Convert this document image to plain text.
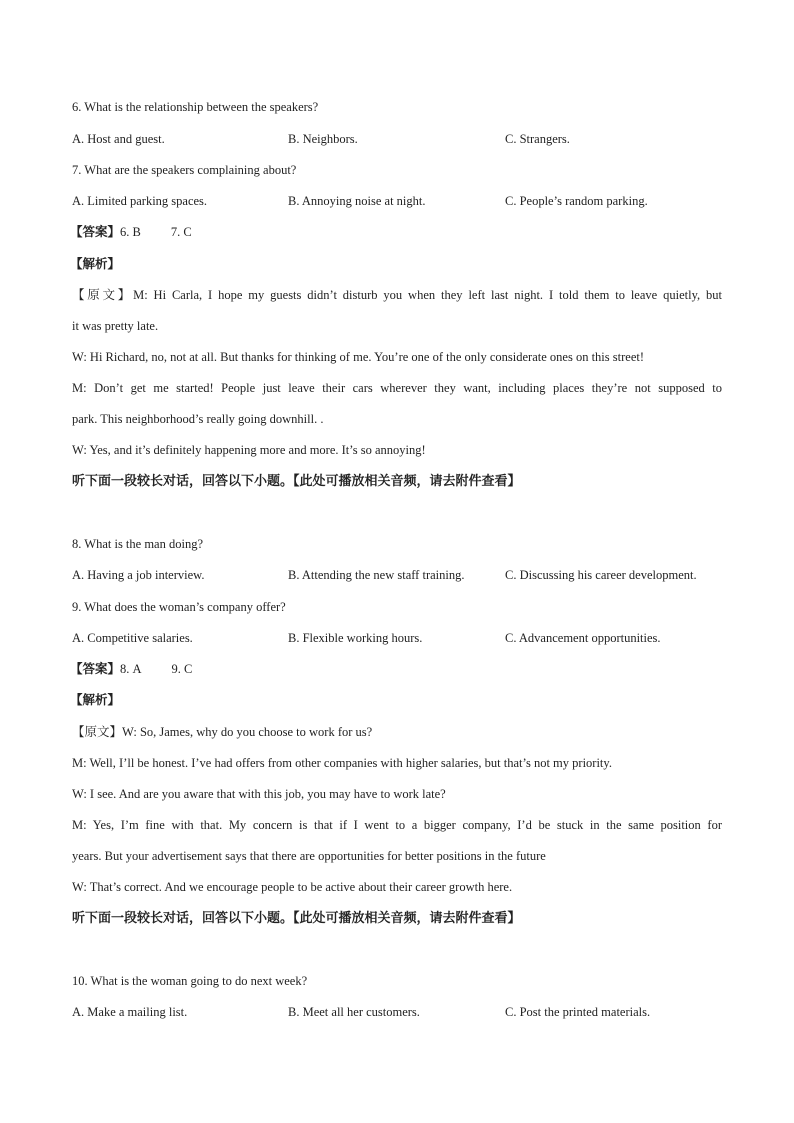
6. What is the relationship between the speakers?
A. Host and guest.	B. Neighbors.	C. Strangers.
7. What are the speakers complaining about?
A. Limited parking spaces.	B. Annoying noise at night.	C. People’s random parking.
【答案】6. B 7. C
【解析】
【原文】M: Hi Carla, I hope my guests didn’t disturb you when they left last night. I told them to leave quietly, but
it was pretty late.
W: Hi Richard, no, not at all. But thanks for thinking of me. You’re one of the only considerate ones on this street!
M: Don’t get me started! People just leave their cars wherever they want, including places they’re not supposed to
park. This neighborhood’s really going downhill. .
W: Yes, and it’s definitely happening more and more. It’s so annoying!
听下面一段较长对话，回答以下小题。【此处可播放相关音频，请去附件查看】
8. What is the man doing?
A. Having a job interview.	B. Attending the new staff training.	C. Discussing his career development.
9. What does the woman’s company offer?
A. Competitive salaries.	B. Flexible working hours.	C. Advancement opportunities.
【答案】8. A 9. C
【解析】
【原文】W: So, James, why do you choose to work for us?
M: Well, I’ll be honest. I’ve had offers from other companies with higher salaries, but that’s not my priority.
W: I see. And are you aware that with this job, you may have to work late?
M: Yes, I’m fine with that. My concern is that if I went to a bigger company, I’d be stuck in the same position for
years. But your advertisement says that there are opportunities for better positions in the future
W: That’s correct. And we encourage people to be active about their career growth here.
听下面一段较长对话，回答以下小题。【此处可播放相关音频，请去附件查看】
10. What is the woman going to do next week?
A. Make a mailing list.	B. Meet all her customers.	C. Post the printed materials.
